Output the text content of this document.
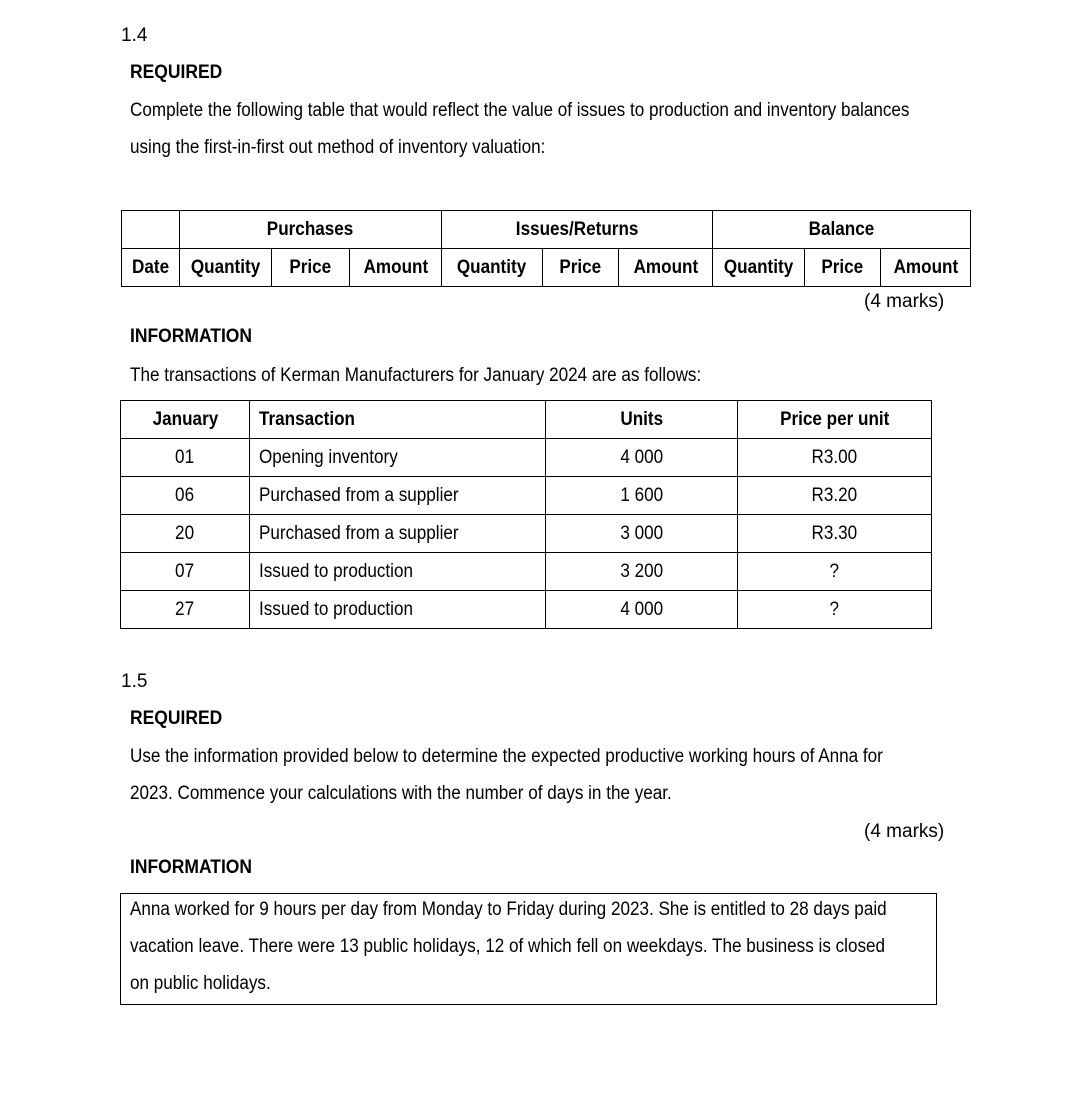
1.4
REQUIRED
Complete the following table that would reflect the value of issues to production and inventory balances
using the first-in-first out method of inventory valuation:
	Purchases			Issues/Returns			Balance		
Date	Quantity	Price	Amount	Quantity	Price	Amount	Quantity	Price	Amount
(4 marks)
INFORMATION
The transactions of Kerman Manufacturers for January 2024 are as follows:
January	Transaction	Units	Price per unit
01	Opening inventory	4 000	R3.00
06	Purchased from a supplier	1 600	R3.20
20	Purchased from a supplier	3 000	R3.30
07	Issued to production	3 200	?
27	Issued to production	4 000	?
1.5
REQUIRED
Use the information provided below to determine the expected productive working hours of Anna for
2023. Commence your calculations with the number of days in the year.
(4 marks)
INFORMATION
Anna worked for 9 hours per day from Monday to Friday during 2023. She is entitled to 28 days paid
vacation leave. There were 13 public holidays, 12 of which fell on weekdays. The business is closed
on public holidays.
